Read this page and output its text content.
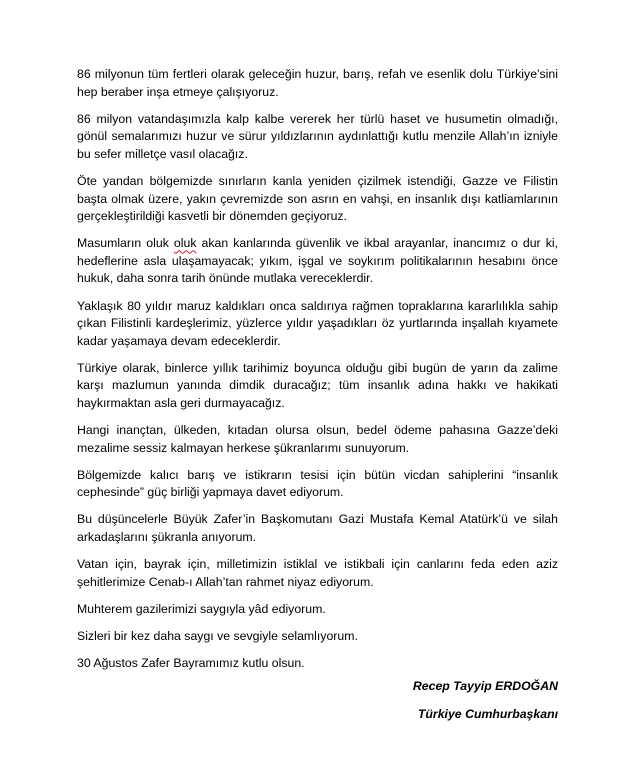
86 milyonun tüm fertleri olarak geleceğin huzur, barış, refah ve esenlik dolu Türkiye’sini hep beraber inşa etmeye çalışıyoruz.

86 milyon vatandaşımızla kalp kalbe vererek her türlü haset ve husumetin olmadığı, gönül semalarımızı huzur ve sürur yıldızlarının aydınlattığı kutlu menzile Allah’ın izniyle bu sefer milletçe vasıl olacağız.

Öte yandan bölgemizde sınırların kanla yeniden çizilmek istendiği, Gazze ve Filistin başta olmak üzere, yakın çevremizde son asrın en vahşi, en insanlık dışı katliamlarının gerçekleştirildiği kasvetli bir dönemden geçiyoruz.

Masumların oluk oluk akan kanlarında güvenlik ve ikbal arayanlar, inancımız o dur ki, hedeflerine asla ulaşamayacak; yıkım, işgal ve soykırım politikalarının hesabını önce hukuk, daha sonra tarih önünde mutlaka vereceklerdir.

Yaklaşık 80 yıldır maruz kaldıkları onca saldırıya rağmen topraklarına kararlılıkla sahip çıkan Filistinli kardeşlerimiz, yüzlerce yıldır yaşadıkları öz yurtlarında inşallah kıyamete kadar yaşamaya devam edeceklerdir.

Türkiye olarak, binlerce yıllık tarihimiz boyunca olduğu gibi bugün de yarın da zalime karşı mazlumun yanında dimdik duracağız; tüm insanlık adına hakkı ve hakikati haykırmaktan asla geri durmayacağız.

Hangi inançtan, ülkeden, kıtadan olursa olsun, bedel ödeme pahasına Gazze’deki mezalime sessiz kalmayan herkese şükranlarımı sunuyorum.

Bölgemizde kalıcı barış ve istikrarın tesisi için bütün vicdan sahiplerini “insanlık cephesinde” güç birliği yapmaya davet ediyorum.

Bu düşüncelerle Büyük Zafer’in Başkomutanı Gazi Mustafa Kemal Atatürk’ü ve silah arkadaşlarını şükranla anıyorum.

Vatan için, bayrak için, milletimizin istiklal ve istikbali için canlarını feda eden aziz şehitlerimize Cenab-ı Allah’tan rahmet niyaz ediyorum.

Muhterem gazilerimizi saygıyla yâd ediyorum.

Sizleri bir kez daha saygı ve sevgiyle selamlıyorum.

30 Ağustos Zafer Bayramımız kutlu olsun.

Recep Tayyip ERDOĞAN
Türkiye Cumhurbaşkanı
